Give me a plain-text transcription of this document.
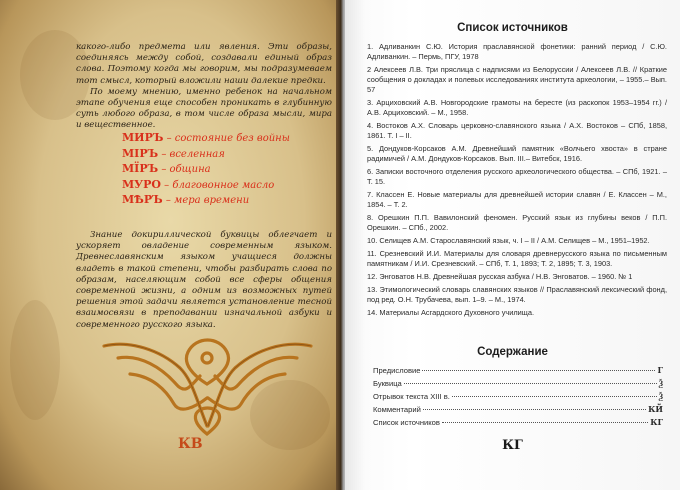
какого-либо предмета или явления. Эти образы, соединяясь между собой, создавали единый образ слова. Поэтому когда мы говорим, мы подразумеваем тот смысл, который вложили наши далекие предки.

По моему мнению, именно ребенок на начальном этапе обучения еще способен проникать в глубинную суть любого образа, в том числе образа мысли, мира и вещественное.

МИРЪ – состояние без войны
МIРЪ – вселенная
МÏРЪ – община
МУРО – благовонное масло
МѢРЪ – мера времени

Знание докириллической буквицы облегчает и ускоряет овладение современным языком. Древнеславянским языком учащиеся должны владеть в такой степени, чтобы разбирать слова по образам, населяющим собой все сферы общения современной жизни, а одним из возможных путей решения этой задачи является установление тесной взаимосвязи в преподавании изначальной азбуки и современного русского языка.

КВ
Список источников
1. Адливанкин С.Ю. История праславянской фонетики: ранний период / С.Ю. Адливанкин. – Пермь, ПГУ, 1978
2 Алексеев Л.В. Три пряслица с надписями из Белоруссии / Алексеев Л.В. // Краткие сообщения о докладах и полевых исследованиях института археологии, – 1955.– Вып. 57
3. Арциховский А.В. Новгородские грамоты на бересте (из раскопок 1953–1954 гг.) / А.В. Арциховский. – М., 1958.
4. Востоков А.Х. Словарь церковно-славянского языка / А.Х. Востоков – СПб, 1858, 1861. Т. I – II.
5. Дондуков-Корсаков А.М. Древнейший памятник «Волчьего хвоста» в стране радимичей / А.М. Дондуков-Корсаков. Вып. III.– Витебск, 1916.
6. Записки восточного отделения русского археологического общества. – СПб, 1921. – Т. 15.
7. Классен Е. Новые материалы для древнейшей истории славян / Е. Классен – М., 1854. – Т. 2.
8. Орешкин П.П. Вавилонский феномен. Русский язык из глубины веков / П.П. Орешкин. – СПб., 2002.
10. Селищев А.М. Старославянский язык, ч. I – II / А.М. Селищев – М., 1951–1952.
11. Срезневский И.И. Материалы для словаря древнерусского языка по письменным памятникам / И.И. Срезневский. – СПб, Т. 1, 1893; Т. 2, 1895; Т. 3, 1903.
12. Энговатов Н.В. Древнейшая русская азбука / Н.В. Энговатов. – 1960. № 1
13. Этимологический словарь славянских языков // Праславянский лексический фонд, под ред. О.Н. Трубачева, вып. 1–9. – М., 1974.
14. Материалы Асгардского Духовного училища.
Содержание
Предисловие	Г
Буквица	Ѯ
Отрывок текста XIII в.	Ѯ
Комментарий	КЙ
Список источников	КГ
КГ
